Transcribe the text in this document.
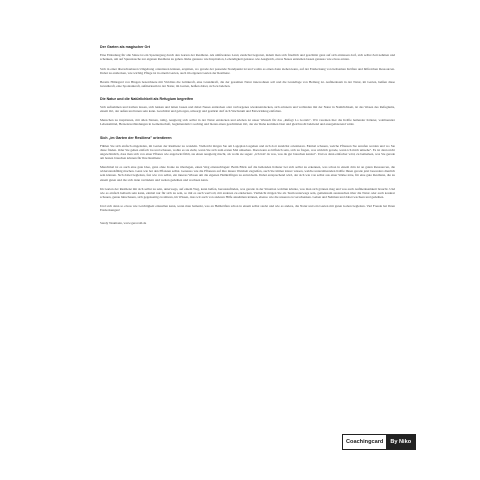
Der Garten als magischer Ort

Eine Einladung für alle Sinne ist ein Spaziergang durch den Garten der Resilienz. Als umfriedetes Land, zunächst begrenzt, indem man sich friedlich und geschützt ganz auf sich einlassen darf, sich selbst Zeit nehmen und schenken, um auf Spurensuche zur eigenen Resilienz zu gehen. Ruhe genauso wie Inspiration, Lebendigkeit genauso wie Ausgleich, etwas Neues entstehen lassen genauso wie etwas ernten.

Sich in einer überschaubaren Umgebung orientieren können, erspüren, wo gerade der passende Standpunkt ist und wohin es einen dann ziehen kann, auf der Entdeckung von heilsamen Kräften und hilfreichen Ressourcen. Dabei zu entdecken, wie wichtig Pflege ist in einem Garten, auch im eigenen Garten der Resilienz.

Bereits Hildegard von Bingen bezeichnete mit Viriditas die Grünkraft, eine Grundkraft, die der gesamten Natur innewohnen soll und die Grundlage von Heilung ist. Aufmerksam in der Natur, im Garten, heißen diese Grundkraft, eine Spontankraft, aufmerksam in der Natur, im Garten, heißen dabei, sich zu beleben.

Die Natur und die Natürlichkeit als Refugium begreifen

Sich aufnehmen und treiben lassen, sich lenken und leiten lassen und dabei Neues entdecken oder verborgenes wiederentdecken, sich erinnern und verbinden mit der Natur in Natürlichkeit, ist das Wesen des Refugiums, einem Ort, der außen und innen sein kann. Geschützt und geborgen, umsorgt und gestärkt darf sich Wachstum und Entwicklung entfalten.

Menschen zu inspirieren, mit allen Sinnen, ruhig, neugierig sich selbst in der Natur entdecken und erleben ist unser Wunsch für das „Refugi Lo Gortals". Wir vereinen hier die Kräfte heilender Kräuter, wohltuender Lebensmittel, Herzensverbindungen in Gemeinschaft, begleitendem Coaching und bieten einen geschützten Ort, der zur Ruhe kommen lässt und gleichwohl belebend und energetisierend wirkt.

Sich „im Garten der Resilienz" orientieren

Fühlen Sie sich einfach eingeladen, im Garten der Resilienz zu wandeln. Vielleicht mögen Sie am Lageplan losgehen und sich dort zunächst orientieren. Einmal schauen, welche Pflanzen Sie anrufen werden und wo Sie diese finden. Oder Sie gehen einfach los und schauen, wohin es sie zieht, wenn Sie sich zum ersten Mal umsehen. Dazu kann es hilfreich sein, sich zu fragen, was wirklich gerade, wenn ich mich umsehe". Es ist dann nicht ungewöhnlich, dass man sich von einer Pflanze wie angelockt fühlt, sie einen neugierig macht, als wolle sie sagen: „Ich hab' da was, was du gut brauchen kannst". Und es dann einfacher wird, zu bemerken, was Sie gerade am besten brauchen können für Ihre Resilienz.

Manchmal ist es auch eine gute Idee, ganz ohne Ironie zu überlegen, einen Weg einzuschlagen: Beim Blick auf die heilenden Kräuter bei sich selbst zu erkennen, was schon in einem drin ist an guten Ressourcen, die widerstandsfähig machen. Ganz wie bei den Pflanzen selbst. Genauso wie die Pflanzen auf ihre innere Weisheit zugreifen, auch Sie immer klarer wissen, welche unterstützenden Kräfte Ihnen gerade jetzt besonders dienlich sein können. Sich dabei begleiten, fast wie von selbst, ein inneres Wissen um die eigenen Heilkräftigen zu entwickeln. Dabei entsprechend wird, der sich wie von selbst aus einer Stärke näre, für eine gute Resilienz, die zu einem guten und die sich dann verändern und weiten gedeihen und wachsen kann.

Im Garten der Resilienz mit sich selbst zu sein, unterwegs, auf einem Weg, kann helfen, herauszufinden, was gerade in der Situation wohltun könnte, was man sich gönnen mag und was auch Aufmerksamkeit braucht. Und wie es einfach heilsam sein kann, einmal nur für sich zu sein, so mit es auch wertvoll, mit anderen zu entdecken. Vielleicht mögen Sie als Team unterwegs sein, gemeinsam austauschen über die Natur oder auch konkret schauen, genau hinschauen, sich gegenseitig zu stützen, im Wissen, dass wir auch von anderen Hilfe annehmen können, ebenso wie die unseren zu verschenken. Geben und Nehmen und dabei wachsen und gedeihen.

Und sich dann so etwas wie Leichtigkeit einstellen kann, wenn man bemerkt, was an Heilkräften schon in einem selbst steckt und wie es andere, die Natur und ein Garten mit guten Gaben begleiten. Viel Freude bei Ihren Entdeckungen!

Sandy Neumann, www.gerorald.de
Coachingcard	By Niko
